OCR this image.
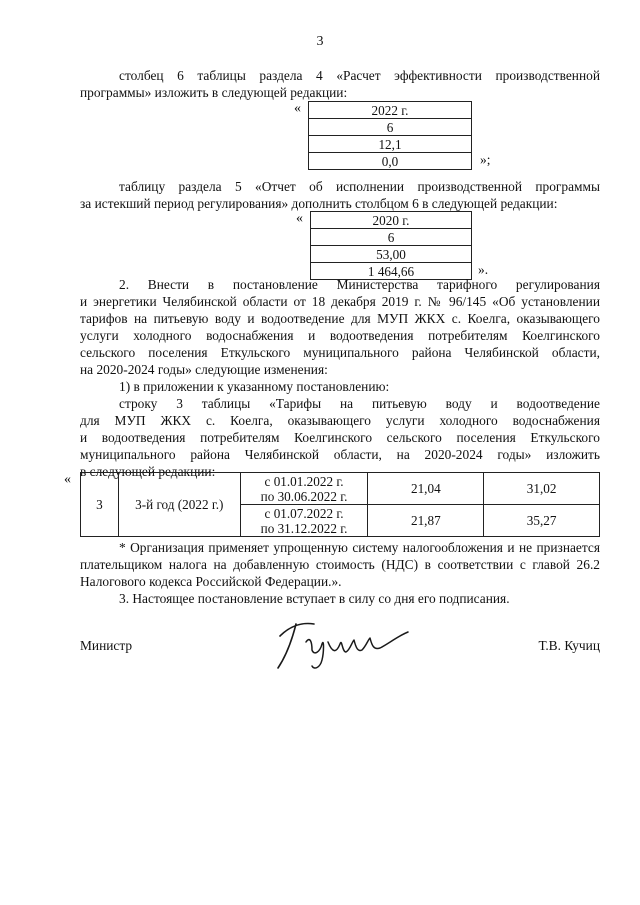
3
столбец 6 таблицы раздела 4 «Расчет эффективности производственной
программы» изложить в следующей редакции:
«	2022 г.
6
12,1
0,0	»;
таблицу раздела 5 «Отчет об исполнении производственной программы
за истекший период регулирования» дополнить столбцом 6 в следующей редакции:
«	2020 г.
6
53,00
1 464,66	».
2. Внести в постановление Министерства тарифного регулирования
и энергетики Челябинской области от 18 декабря 2019 г. № 96/145 «Об установлении
тарифов на питьевую воду и водоотведение для МУП ЖКХ с. Коелга, оказывающего
услуги холодного водоснабжения и водоотведения потребителям Коелгинского
сельского поселения Еткульского муниципального района Челябинской области,
на 2020-2024 годы» следующие изменения:
1) в приложении к указанному постановлению:
строку 3 таблицы «Тарифы на питьевую воду и водоотведение
для МУП ЖКХ с. Коелга, оказывающего услуги холодного водоснабжения
и водоотведения потребителям Коелгинского сельского поселения Еткульского
муниципального района Челябинской области, на 2020-2024 годы» изложить
в следующей редакции:
«
3	3-й год (2022 г.)	с 01.01.2022 г.
по 30.06.2022 г.	21,04	31,02

		с 01.07.2022 г.
по 31.12.2022 г.	21,87	35,27
* Организация применяет упрощенную систему налогообложения и не признается
плательщиком налога на добавленную стоимость (НДС) в соответствии с главой 26.2
Налогового кодекса Российской Федерации.».
3. Настоящее постановление вступает в силу со дня его подписания.
Министр	Т.В. Кучиц
